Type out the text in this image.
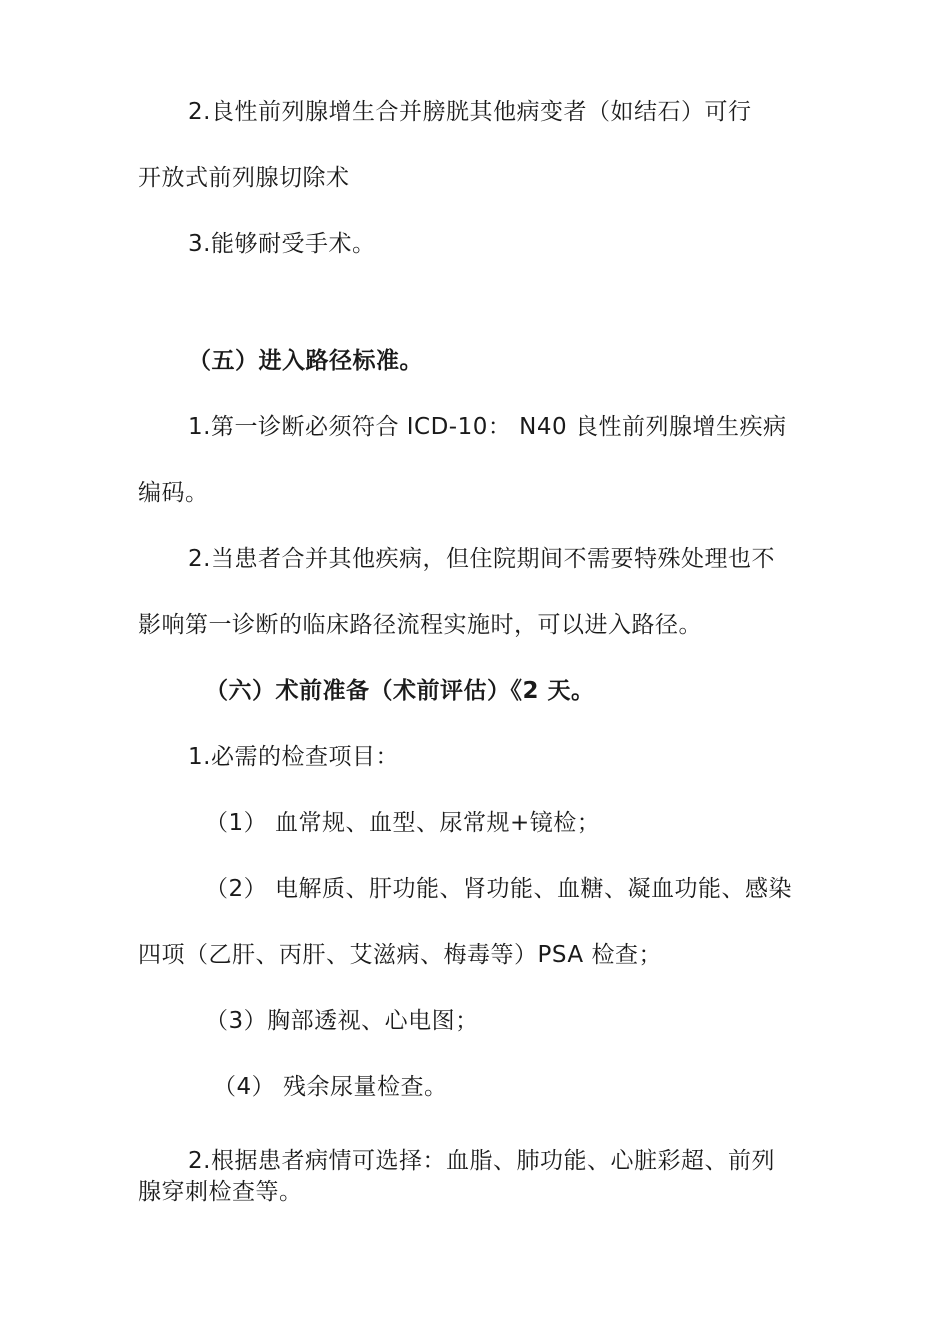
2.良性前列腺增生合并膀胱其他病变者（如结石）可行
开放式前列腺切除术
3.能够耐受手术。
（五）进入路径标准。
1.第一诊断必须符合 ICD-10： N40 良性前列腺增生疾病
编码。
2.当患者合并其他疾病，但住院期间不需要特殊处理也不
影响第一诊断的临床路径流程实施时，可以进入路径。
（六）术前准备（术前评估）《2 天。
1.必需的检查项目：
（1） 血常规、血型、尿常规+镜检；
（2） 电解质、肝功能、肾功能、血糖、凝血功能、感染
四项（乙肝、丙肝、艾滋病、梅毒等）PSA 检查；
（3）胸部透视、心电图；
（4） 残余尿量检查。
2.根据患者病情可选择：血脂、肺功能、心脏彩超、前列
腺穿刺检查等。
